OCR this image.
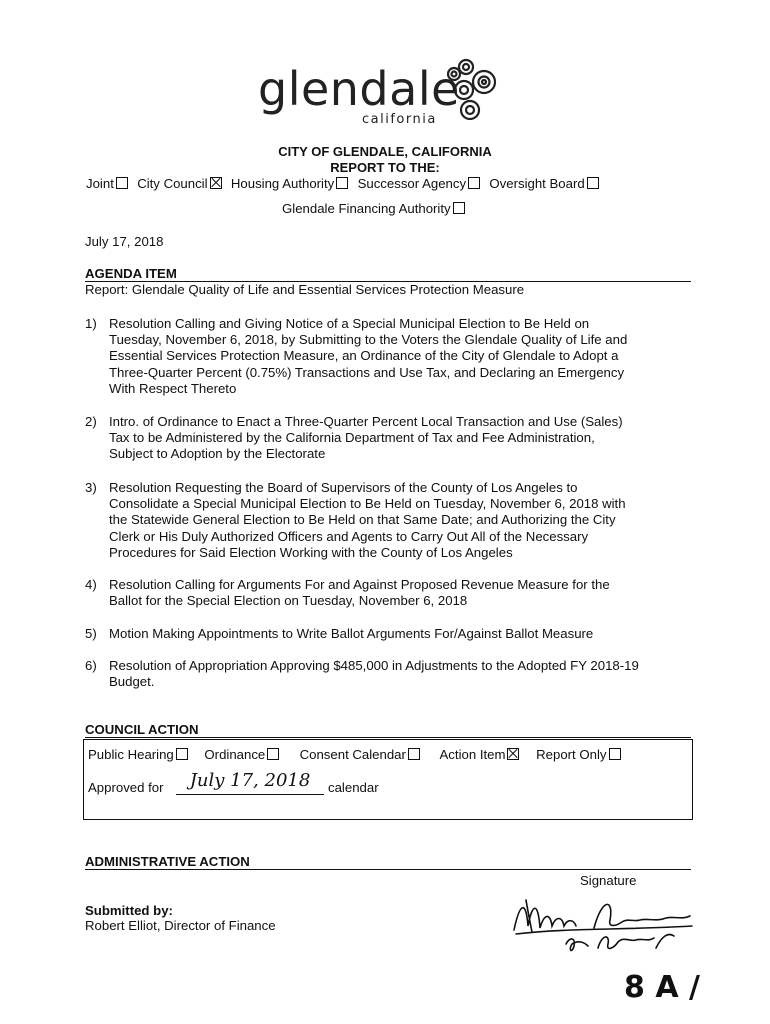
glendale
california
CITY OF GLENDALE, CALIFORNIA
REPORT TO THE:
Joint City Council Housing Authority Successor Agency Oversight Board
Glendale Financing Authority
July 17, 2018
AGENDA ITEM
Report: Glendale Quality of Life and Essential Services Protection Measure
1) Resolution Calling and Giving Notice of a Special Municipal Election to Be Held on
Tuesday, November 6, 2018, by Submitting to the Voters the Glendale Quality of Life and
Essential Services Protection Measure, an Ordinance of the City of Glendale to Adopt a
Three-Quarter Percent (0.75%) Transactions and Use Tax, and Declaring an Emergency
With Respect Thereto
2) Intro. of Ordinance to Enact a Three-Quarter Percent Local Transaction and Use (Sales)
Tax to be Administered by the California Department of Tax and Fee Administration,
Subject to Adoption by the Electorate
3) Resolution Requesting the Board of Supervisors of the County of Los Angeles to
Consolidate a Special Municipal Election to Be Held on Tuesday, November 6, 2018 with
the Statewide General Election to Be Held on that Same Date; and Authorizing the City
Clerk or His Duly Authorized Officers and Agents to Carry Out All of the Necessary
Procedures for Said Election Working with the County of Los Angeles
4) Resolution Calling for Arguments For and Against Proposed Revenue Measure for the
Ballot for the Special Election on Tuesday, November 6, 2018
5) Motion Making Appointments to Write Ballot Arguments For/Against Ballot Measure
6) Resolution of Appropriation Approving $485,000 in Adjustments to the Adopted FY 2018-19
Budget.
COUNCIL ACTION
Public Hearing Ordinance	Consent Calendar	Action Item Report Only
Approved for	July 17, 2018	calendar
ADMINISTRATIVE ACTION
Signature
Submitted by:
Robert Elliot, Director of Finance
8 A /
